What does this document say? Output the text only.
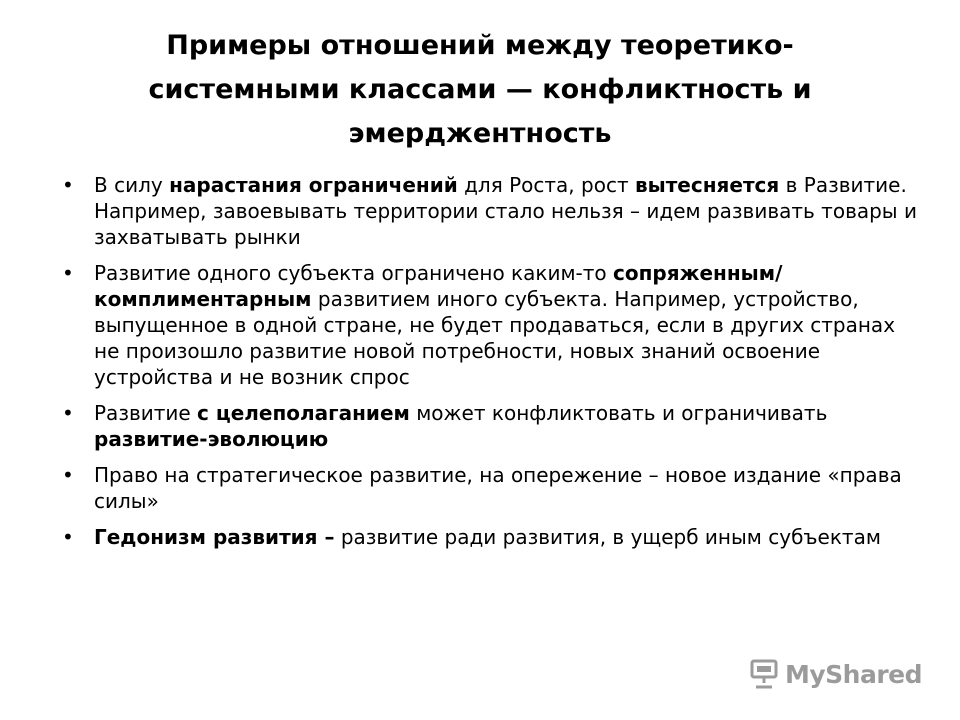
Примеры отношений между теоретико-системными классами — конфликтность и эмерджентность
• В силу нарастания ограничений для Роста, рост вытесняется в Развитие. Например, завоевывать территории стало нельзя – идем развивать товары и захватывать рынки
• Развитие одного субъекта ограничено каким-то сопряженным/комплиментарным развитием иного субъекта. Например, устройство, выпущенное в одной стране, не будет продаваться, если в других странах не произошло развитие новой потребности, новых знаний освоение устройства и не возник спрос
• Развитие с целеполаганием может конфликтовать и ограничивать развитие-эволюцию
• Право на стратегическое развитие, на опережение – новое издание «права силы»
• Гедонизм развития – развитие ради развития, в ущерб иным субъектам
MyShared
